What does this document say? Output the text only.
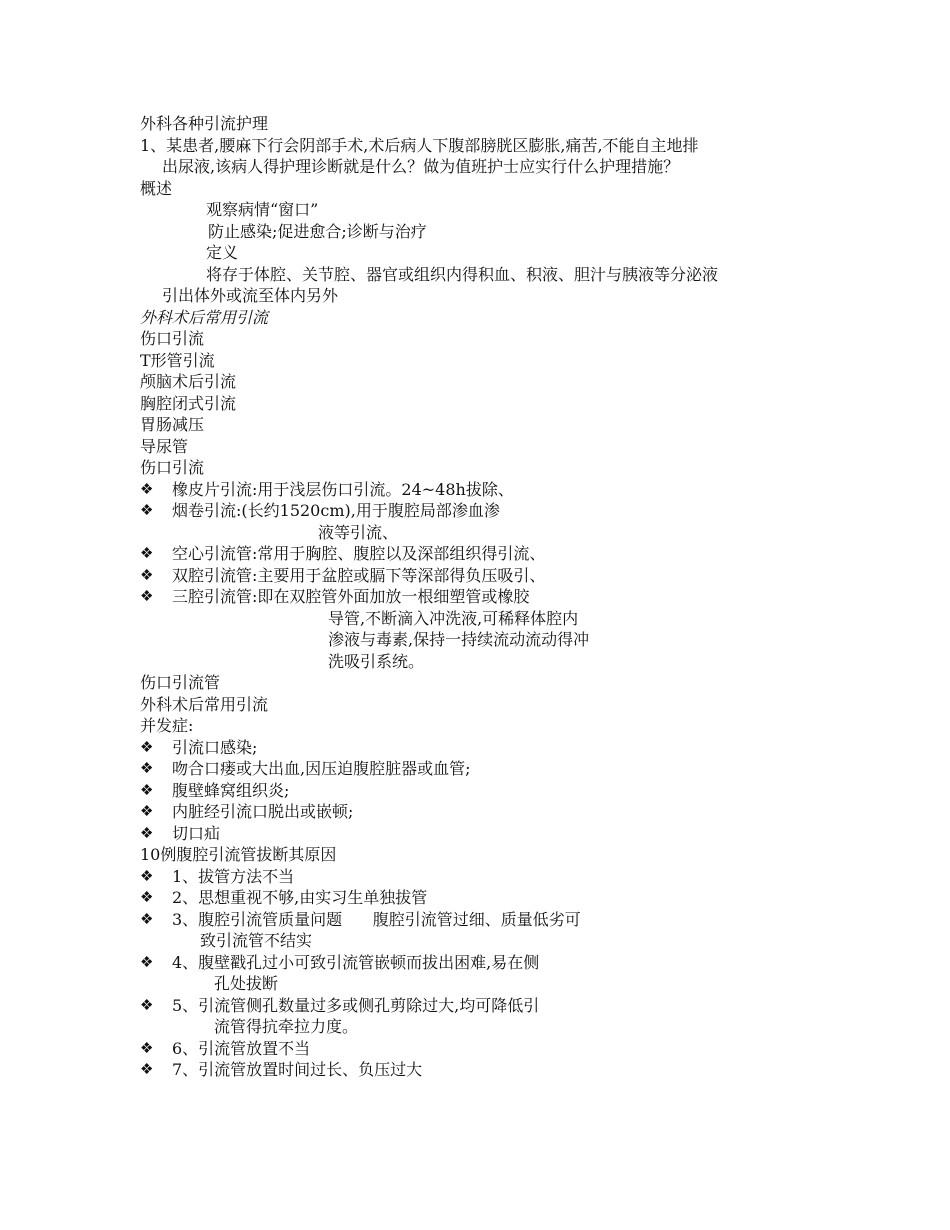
外科各种引流护理
1、某患者,腰麻下行会阴部手术,术后病人下腹部膀胱区膨胀,痛苦,不能自主地排
出尿液,该病人得护理诊断就是什么？做为值班护士应实行什么护理措施？
概述
观察病情“窗口”
防止感染;促进愈合;诊断与治疗
定义
将存于体腔、关节腔、器官或组织内得积血、积液、胆汁与胰液等分泌液
引出体外或流至体内另外
外科术后常用引流
伤口引流
T形管引流
颅脑术后引流
胸腔闭式引流
胃肠减压
导尿管
伤口引流
❖	橡皮片引流:用于浅层伤口引流。24~48h拔除、
❖	烟卷引流:(长约1520cm),用于腹腔局部渗血渗
液等引流、
❖	空心引流管:常用于胸腔、腹腔以及深部组织得引流、
❖	双腔引流管:主要用于盆腔或膈下等深部得负压吸引、
❖	三腔引流管:即在双腔管外面加放一根细塑管或橡胶
导管,不断滴入冲洗液,可稀释体腔内
渗液与毒素,保持一持续流动流动得冲
洗吸引系统。
伤口引流管
外科术后常用引流
并发症:
❖	引流口感染;
❖	吻合口瘘或大出血,因压迫腹腔脏器或血管;
❖	腹壁蜂窝组织炎;
❖	内脏经引流口脱出或嵌顿;
❖	切口疝
10例腹腔引流管拔断其原因
❖	1、拔管方法不当
❖	2、思想重视不够,由实习生单独拔管
❖	3、腹腔引流管质量问题      腹腔引流管过细、质量低劣可
致引流管不结实
❖	4、腹壁戳孔过小可致引流管嵌顿而拔出困难,易在侧
孔处拔断
❖	5、引流管侧孔数量过多或侧孔剪除过大,均可降低引
流管得抗牵拉力度。
❖	6、引流管放置不当
❖	7、引流管放置时间过长、负压过大
